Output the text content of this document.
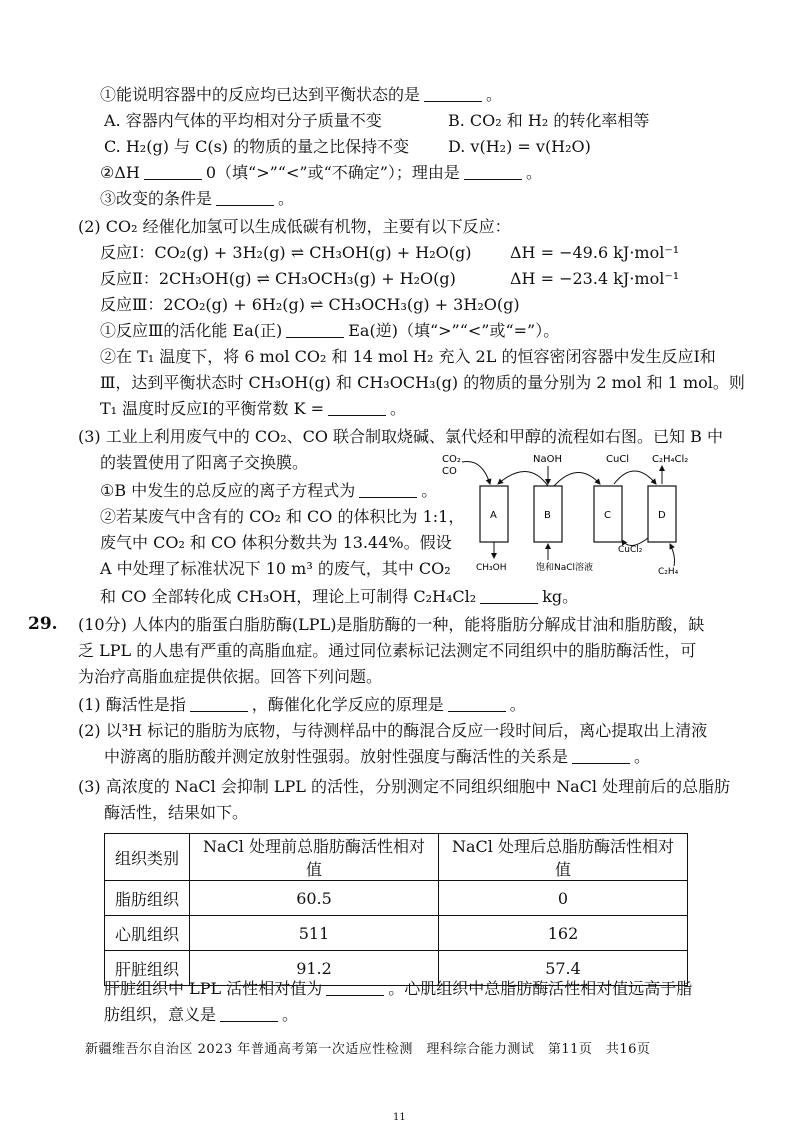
①能说明容器中的反应均已达到平衡状态的是	。
A. 容器内气体的平均相对分子质量不变	B. CO₂ 和 H₂ 的转化率相等
C. H₂(g) 与 C(s) 的物质的量之比保持不变 D. v(H₂) = v(H₂O)
②ΔH	0（填“>”“<”或“不确定”）；理由是	。
③改变的条件是	。
(2) CO₂ 经催化加氢可以生成低碳有机物，主要有以下反应：
反应Ⅰ：CO₂(g) + 3H₂(g) ⇌ CH₃OH(g) + H₂O(g) ΔH = −49.6 kJ·mol⁻¹
反应Ⅱ：2CH₃OH(g) ⇌ CH₃OCH₃(g) + H₂O(g)	ΔH = −23.4 kJ·mol⁻¹
反应Ⅲ：2CO₂(g) + 6H₂(g) ⇌ CH₃OCH₃(g) + 3H₂O(g)
①反应Ⅲ的活化能 Ea(正)	Ea(逆)（填“>”“<”或“=”）。
②在 T₁ 温度下，将 6 mol CO₂ 和 14 mol H₂ 充入 2L 的恒容密闭容器中发生反应Ⅰ和
Ⅲ，达到平衡状态时 CH₃OH(g) 和 CH₃OCH₃(g) 的物质的量分别为 2 mol 和 1 mol。则
T₁ 温度时反应Ⅰ的平衡常数 K =	。
(3) 工业上利用废气中的 CO₂、CO 联合制取烧碱、氯代烃和甲醇的流程如右图。已知 B 中
的装置使用了阳离子交换膜。
①B 中发生的总反应的离子方程式为	。
②若某废气中含有的 CO₂ 和 CO 的体积比为 1:1，
废气中 CO₂ 和 CO 体积分数共为 13.44%。假设
A 中处理了标准状况下 10 m³ 的废气，其中 CO₂
和 CO 全部转化成 CH₃OH，理论上可制得 C₂H₄Cl₂	kg。
CO₂
CO
NaOH	CuCl C₂H₄Cl₂
A	B	C	D
CuCl₂
CH₃OH	饱和NaCl溶液	C₂H₄
29. (10分) 人体内的脂蛋白脂肪酶(LPL)是脂肪酶的一种，能将脂肪分解成甘油和脂肪酸，缺
乏 LPL 的人患有严重的高脂血症。通过同位素标记法测定不同组织中的脂肪酶活性，可
为治疗高脂血症提供依据。回答下列问题。
(1) 酶活性是指	，酶催化化学反应的原理是	。
(2) 以³H 标记的脂肪为底物，与待测样品中的酶混合反应一段时间后，离心提取出上清液
中游离的脂肪酸并测定放射性强弱。放射性强度与酶活性的关系是	。
(3) 高浓度的 NaCl 会抑制 LPL 的活性，分别测定不同组织细胞中 NaCl 处理前后的总脂肪
酶活性，结果如下。
组织类别	NaCl 处理前总脂肪酶活性相对值	NaCl 处理后总脂肪酶活性相对值
脂肪组织	60.5	0
心肌组织	511	162
肝脏组织	91.2	57.4
肝脏组织中 LPL 活性相对值为	。心肌组织中总脂肪酶活性相对值远高于脂
肪组织，意义是	。
新疆维吾尔自治区 2023 年普通高考第一次适应性检测　理科综合能力测试　第11页　共16页
11
